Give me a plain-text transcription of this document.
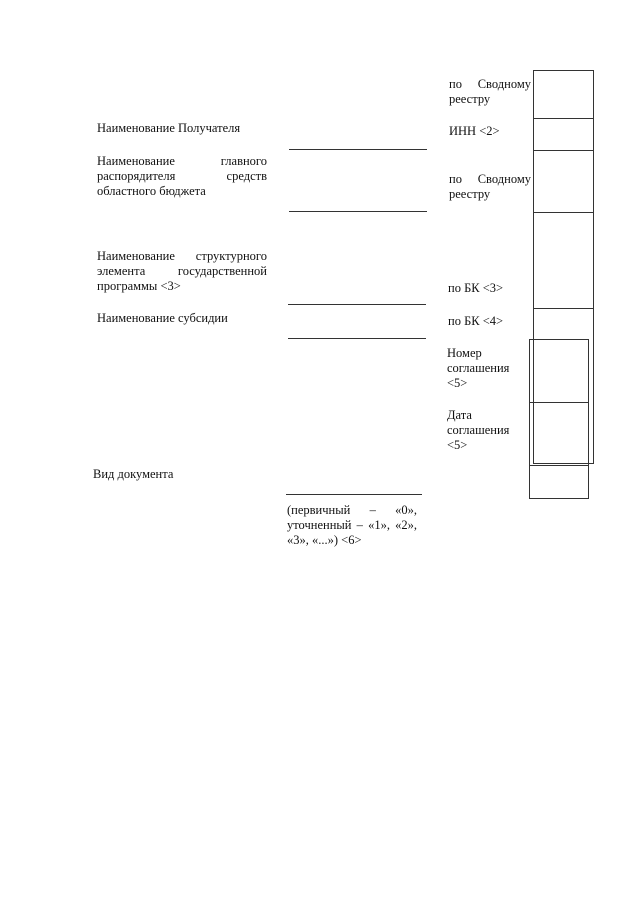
Наименование Получателя
Наименование главного
распорядителя средств
областного бюджета
Наименование структурного
элемента государственной
программы <3>
Наименование субсидии
Вид документа
(первичный – «0»,
уточненный – «1», «2»,
«3», «...») <6>
по Сводному
реестру
ИНН <2>
по Сводному
реестру
по БК <3>
по БК <4>
Номер
соглашения
<5>
Дата
соглашения
<5>
